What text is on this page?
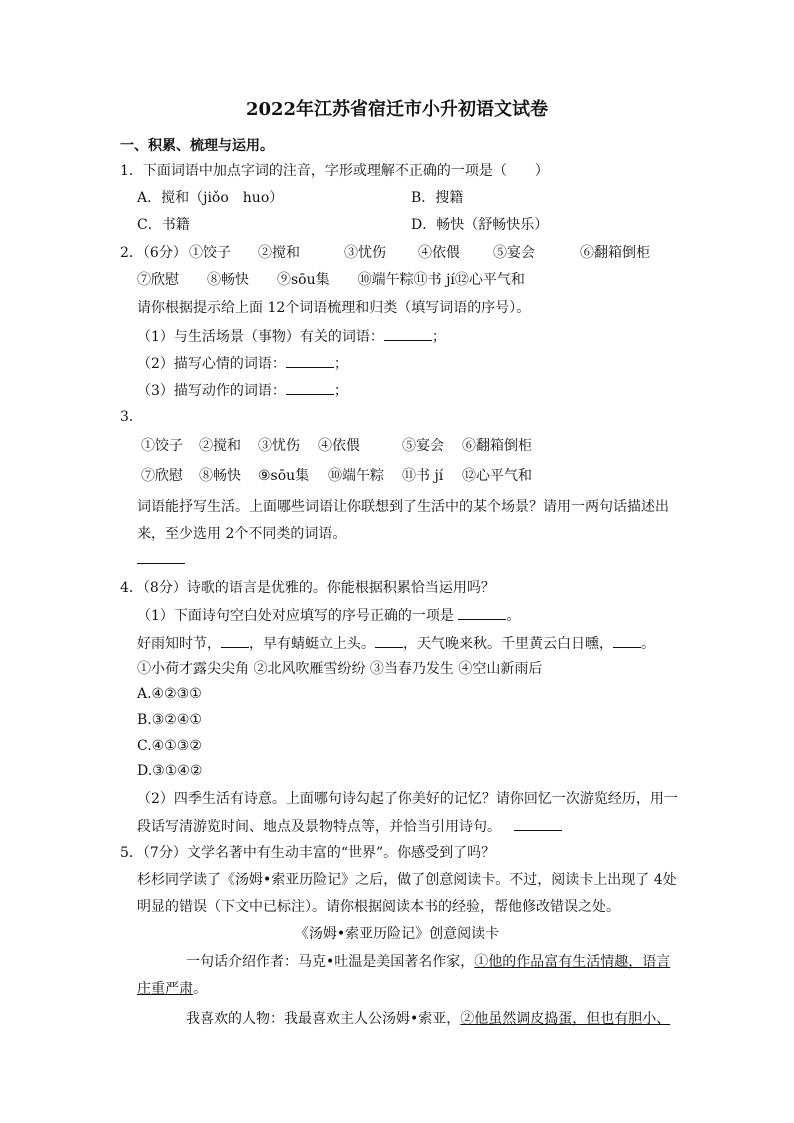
2022年江苏省宿迁市小升初语文试卷
一、积累、梳理与运用。
1．下面词语中加点字词的注音，字形或理解不正确的一项是（　　）
A．搅和（jiǒo　huo）	B．搜籍
C．书籍	D．畅快（舒畅快乐）
2．（6分） ①饺子 ②搅和	③忧伤 ④依偎 ⑤宴会	⑥翻箱倒柜
⑦欣慰　　⑧畅快　　⑨sōu集　　⑩端午粽⑪书 jí⑫心平气和
请你根据提示给上面 12个词语梳理和归类（填写词语的序号）。
（1）与生活场景（事物）有关的词语：	；
（2）描写心情的词语：	；
（3）描写动作的词语：	；
3．
①饺子 ②搅和 ③忧伤 ④依偎	⑤宴会 ⑥翻箱倒柜
⑦欣慰 ⑧畅快 ⑨sōu集 ⑩端午粽 ⑪书 jí ⑫心平气和
词语能抒写生活。上面哪些词语让你联想到了生活中的某个场景？请用一两句话描述出
来，至少选用 2个不同类的词语。
4．（8分）诗歌的语言是优雅的。你能根据积累恰当运用吗？
（1）下面诗句空白处对应填写的序号正确的一项是	。
好雨知时节， ，早有蜻蜓立上头。 ，天气晚来秋。千里黄云白日曛， 。
①小荷才露尖尖角 ②北风吹雁雪纷纷 ③当春乃发生 ④空山新雨后
A.④②③①
B.③②④①
C.④①③②
D.③①④②
（2）四季生活有诗意。上面哪句诗勾起了你美好的记忆？请你回忆一次游览经历，用一
段话写清游览时间、地点及景物特点等，并恰当引用诗句。
5．（7分）文学名著中有生动丰富的“世界”。你感受到了吗？
杉杉同学读了《汤姆•索亚历险记》之后，做了创意阅读卡。不过，阅读卡上出现了 4处
明显的错误（下文中已标注）。请你根据阅读本书的经验，帮他修改错误之处。
《汤姆•索亚历险记》创意阅读卡
一句话介绍作者：马克•吐温是美国著名作家，①他的作品富有生活情趣，语言
庄重严肃。
我喜欢的人物：我最喜欢主人公汤姆•索亚，②他虽然调皮捣蛋，但也有胆小、
